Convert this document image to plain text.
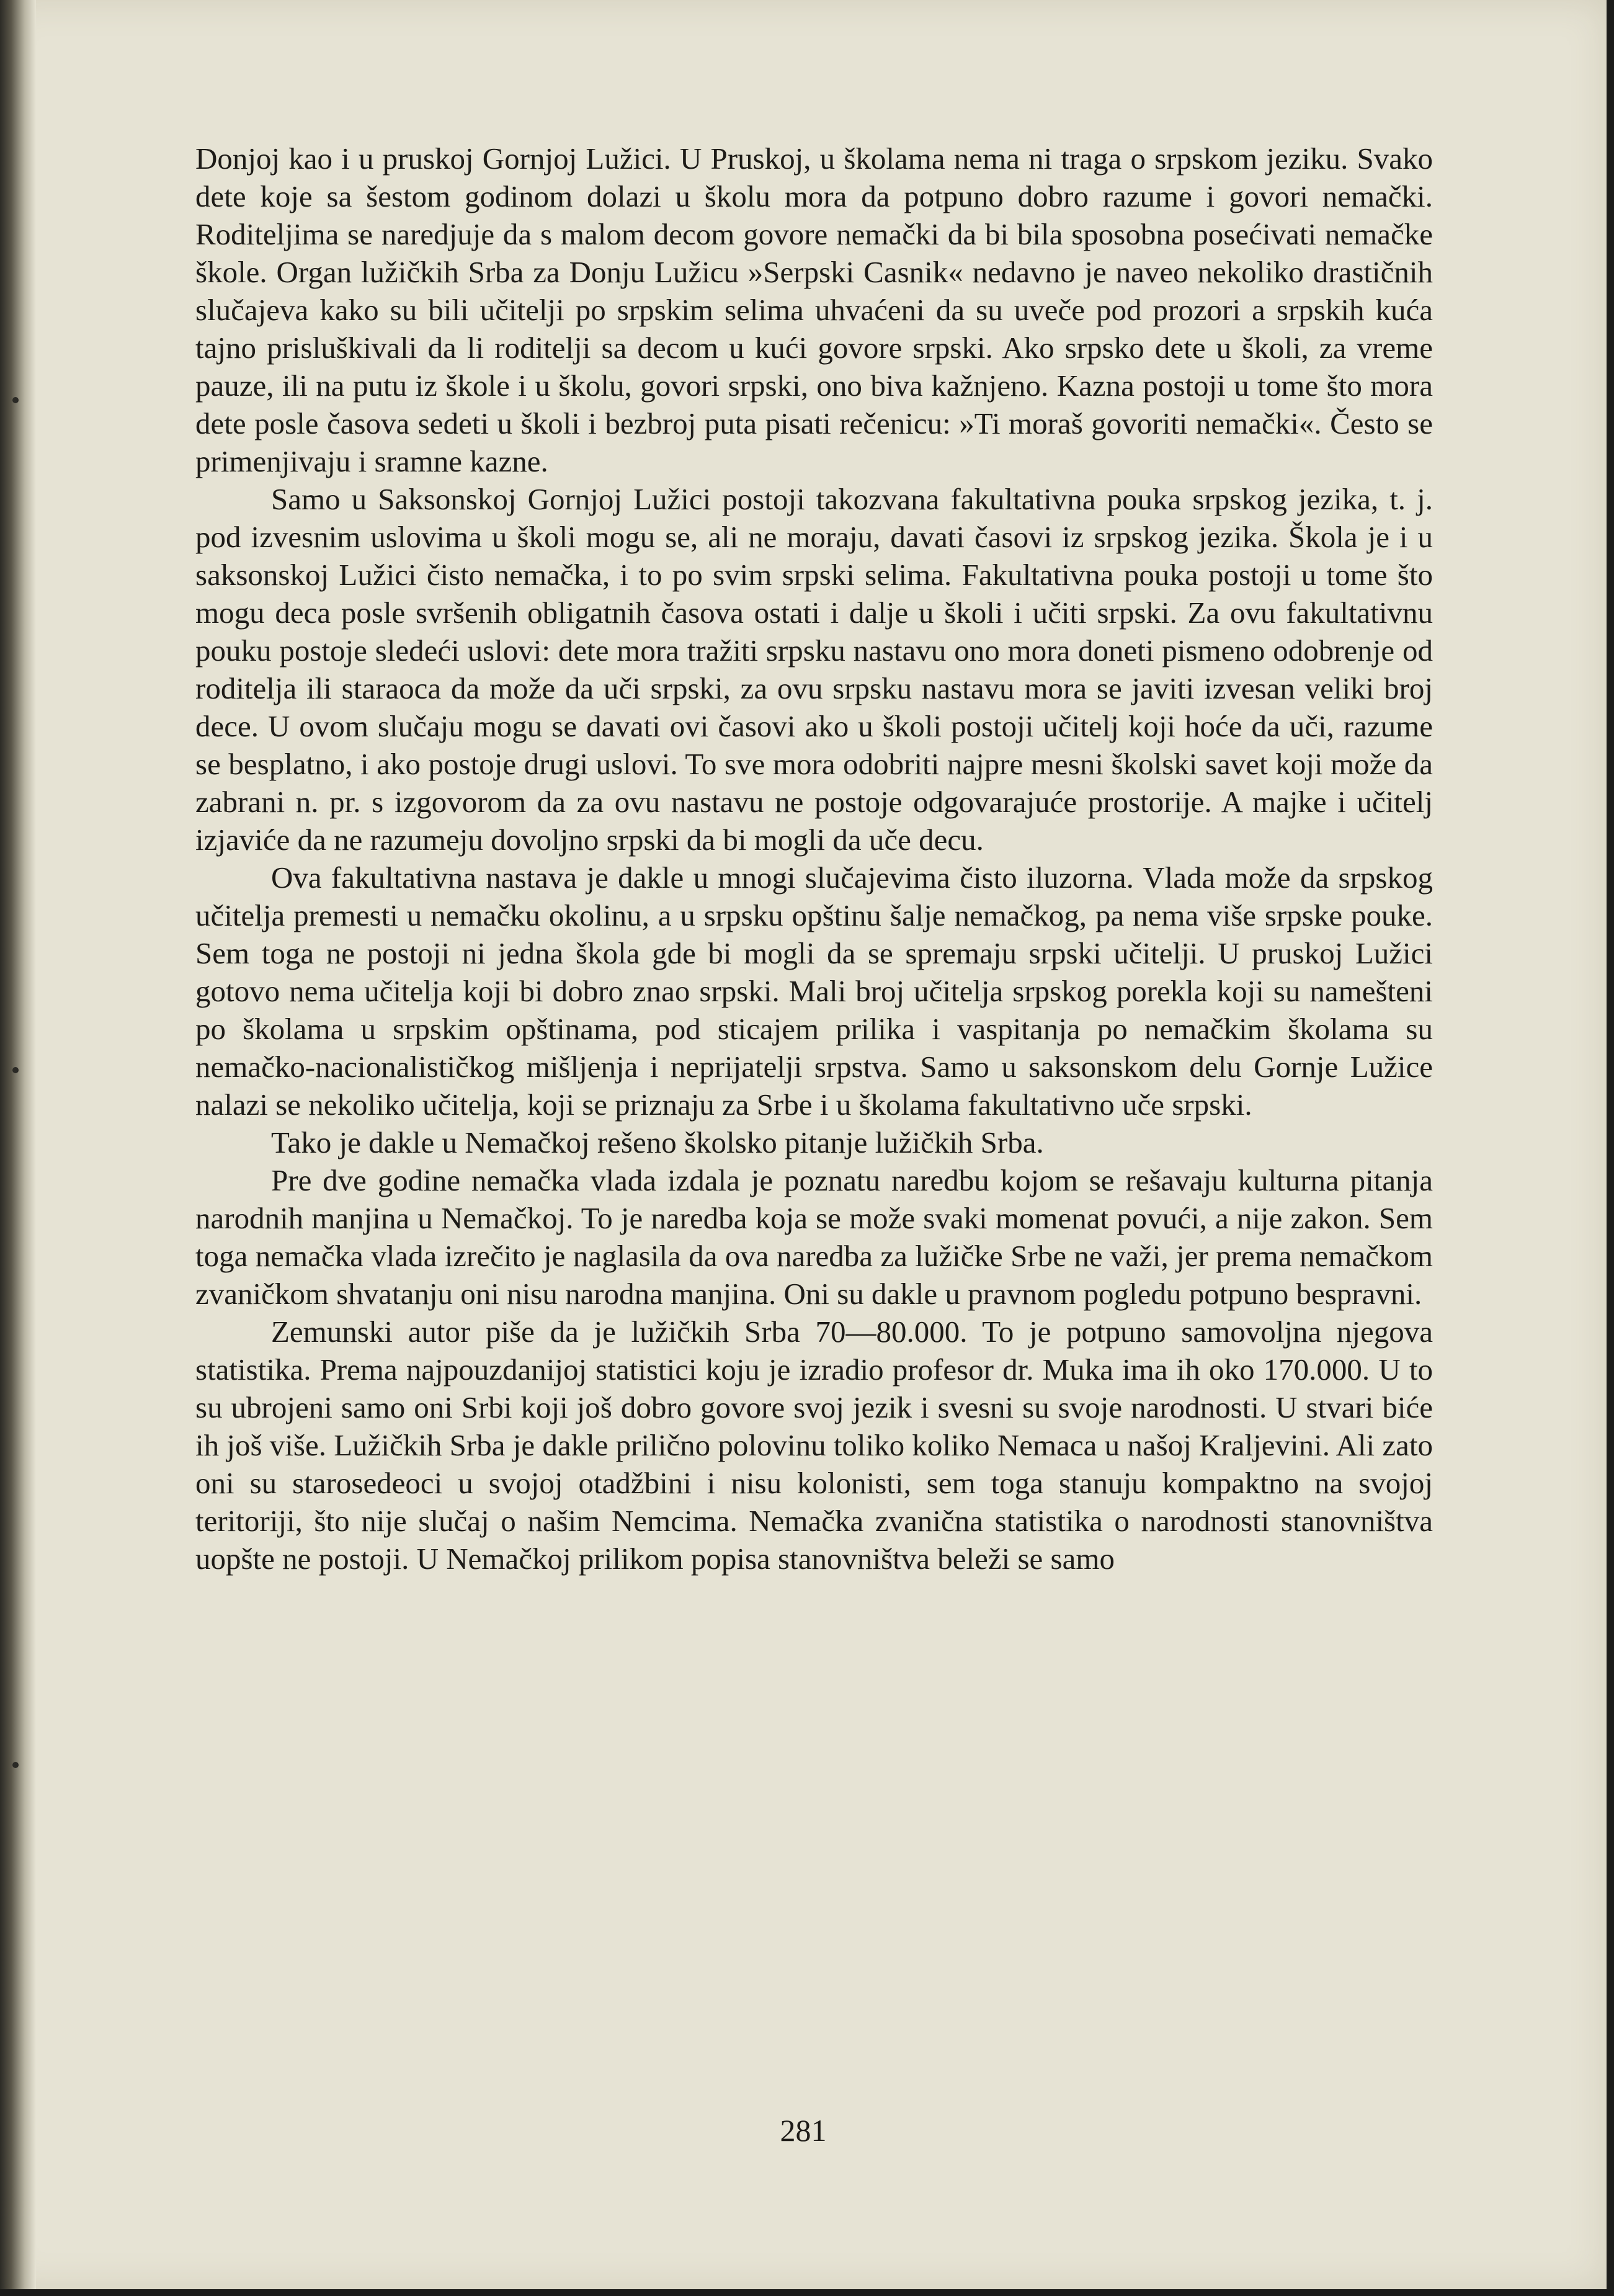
Donjoj kao i u pruskoj Gornjoj Lužici. U Pruskoj, u školama nema ni traga o srpskom jeziku. Svako dete koje sa šestom godinom dolazi u školu mora da potpuno dobro razume i govori nemački. Roditeljima se naredjuje da s malom decom govore nemački da bi bila sposobna posećivati nemačke škole. Organ lužičkih Srba za Donju Lužicu »Serpski Casnik« nedavno je naveo nekoliko drastičnih slučajeva kako su bili učitelji po srpskim selima uhvaćeni da su uveče pod prozori a srpskih kuća tajno prisluškivali da li roditelji sa decom u kući govore srpski. Ako srpsko dete u školi, za vreme pauze, ili na putu iz škole i u školu, govori srpski, ono biva kažnjeno. Kazna postoji u tome što mora dete posle časova sedeti u školi i bezbroj puta pisati rečenicu: »Ti moraš govoriti nemački«. Često se primenjivaju i sramne kazne.

Samo u Saksonskoj Gornjoj Lužici postoji takozvana fakultativna pouka srpskog jezika, t. j. pod izvesnim uslovima u školi mogu se, ali ne moraju, davati časovi iz srpskog jezika. Škola je i u saksonskoj Lužici čisto nemačka, i to po svim srpski selima. Fakultativna pouka postoji u tome što mogu deca posle svršenih obligatnih časova ostati i dalje u školi i učiti srpski. Za ovu fakultativnu pouku postoje sledeći uslovi: dete mora tražiti srpsku nastavu ono mora doneti pismeno odobrenje od roditelja ili staraoca da može da uči srpski, za ovu srpsku nastavu mora se javiti izvesan veliki broj dece. U ovom slučaju mogu se davati ovi časovi ako u školi postoji učitelj koji hoće da uči, razume se besplatno, i ako postoje drugi uslovi. To sve mora odobriti najpre mesni školski savet koji može da zabrani n. pr. s izgovorom da za ovu nastavu ne postoje odgovarajuće prostorije. A majke i učitelj izjaviće da ne razumeju dovoljno srpski da bi mogli da uče decu.

Ova fakultativna nastava je dakle u mnogi slučajevima čisto iluzorna. Vlada može da srpskog učitelja premesti u nemačku okolinu, a u srpsku opštinu šalje nemačkog, pa nema više srpske pouke. Sem toga ne postoji ni jedna škola gde bi mogli da se spremaju srpski učitelji. U pruskoj Lužici gotovo nema učitelja koji bi dobro znao srpski. Mali broj učitelja srpskog porekla koji su namešteni po školama u srpskim opštinama, pod sticajem prilika i vaspitanja po nemačkim školama su nemačko-nacionalističkog mišljenja i neprijatelji srpstva. Samo u saksonskom delu Gornje Lužice nalazi se nekoliko učitelja, koji se priznaju za Srbe i u školama fakultativno uče srpski.

Tako je dakle u Nemačkoj rešeno školsko pitanje lužičkih Srba.

Pre dve godine nemačka vlada izdala je poznatu naredbu kojom se rešavaju kulturna pitanja narodnih manjina u Nemačkoj. To je naredba koja se može svaki momenat povući, a nije zakon. Sem toga nemačka vlada izrečito je naglasila da ova naredba za lužičke Srbe ne važi, jer prema nemačkom zvaničkom shvatanju oni nisu narodna manjina. Oni su dakle u pravnom pogledu potpuno bespravni.

Zemunski autor piše da je lužičkih Srba 70—80.000. To je potpuno samovoljna njegova statistika. Prema najpouzdanijoj statistici koju je izradio profesor dr. Muka ima ih oko 170.000. U to su ubrojeni samo oni Srbi koji još dobro govore svoj jezik i svesni su svoje narodnosti. U stvari biće ih još više. Lužičkih Srba je dakle prilično polovinu toliko koliko Nemaca u našoj Kraljevini. Ali zato oni su starosedeoci u svojoj otadžbini i nisu kolonisti, sem toga stanuju kompaktno na svojoj teritoriji, što nije slučaj o našim Nemcima. Nemačka zvanična statistika o narodnosti stanovništva uopšte ne postoji. U Nemačkoj prilikom popisa stanovništva beleži se samo

281
